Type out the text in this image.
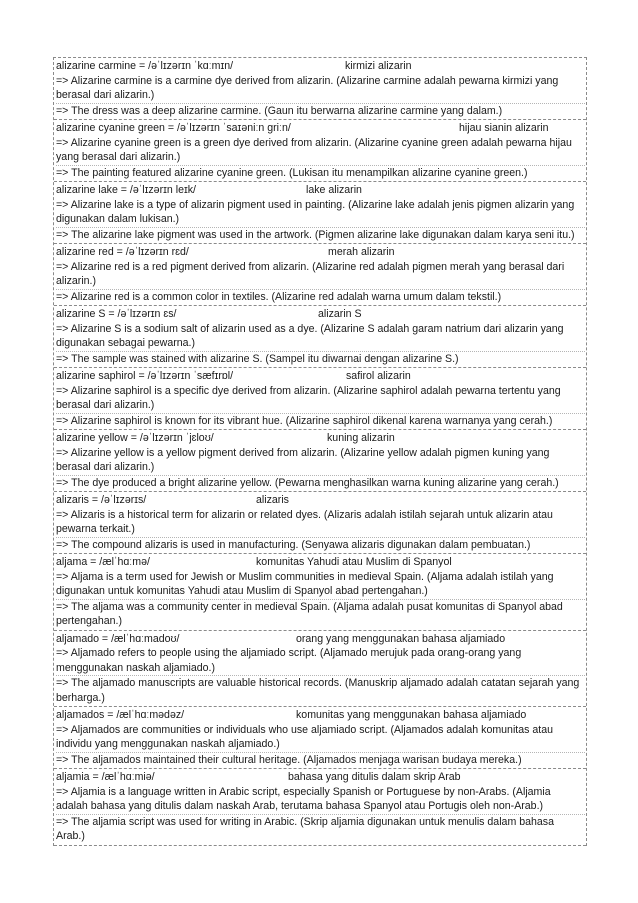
alizarine carmine = /əˈlɪzərɪn ˈkɑːmɪn/	kirmizi alizarin
=> Alizarine carmine is a carmine dye derived from alizarin. (Alizarine carmine adalah pewarna kirmizi yang berasal dari alizarin.)
=> The dress was a deep alizarine carmine. (Gaun itu berwarna alizarine carmine yang dalam.)
alizarine cyanine green = /əˈlɪzərɪn ˈsaɪəniːn griːn/	hijau sianin alizarin
=> Alizarine cyanine green is a green dye derived from alizarin. (Alizarine cyanine green adalah pewarna hijau yang berasal dari alizarin.)
=> The painting featured alizarine cyanine green. (Lukisan itu menampilkan alizarine cyanine green.)
alizarine lake = /əˈlɪzərɪn leɪk/	lake alizarin
=> Alizarine lake is a type of alizarin pigment used in painting. (Alizarine lake adalah jenis pigmen alizarin yang digunakan dalam lukisan.)
=> The alizarine lake pigment was used in the artwork. (Pigmen alizarine lake digunakan dalam karya seni itu.)
alizarine red = /əˈlɪzərɪn rɛd/	merah alizarin
=> Alizarine red is a red pigment derived from alizarin. (Alizarine red adalah pigmen merah yang berasal dari alizarin.)
=> Alizarine red is a common color in textiles. (Alizarine red adalah warna umum dalam tekstil.)
alizarine S = /əˈlɪzərɪn ɛs/	alizarin S
=> Alizarine S is a sodium salt of alizarin used as a dye. (Alizarine S adalah garam natrium dari alizarin yang digunakan sebagai pewarna.)
=> The sample was stained with alizarine S. (Sampel itu diwarnai dengan alizarine S.)
alizarine saphirol = /əˈlɪzərɪn ˈsæfɪrɒl/	safirol alizarin
=> Alizarine saphirol is a specific dye derived from alizarin. (Alizarine saphirol adalah pewarna tertentu yang berasal dari alizarin.)
=> Alizarine saphirol is known for its vibrant hue. (Alizarine saphirol dikenal karena warnanya yang cerah.)
alizarine yellow = /əˈlɪzərɪn ˈjɛloʊ/	kuning alizarin
=> Alizarine yellow is a yellow pigment derived from alizarin. (Alizarine yellow adalah pigmen kuning yang berasal dari alizarin.)
=> The dye produced a bright alizarine yellow. (Pewarna menghasilkan warna kuning alizarine yang cerah.)
alizaris = /əˈlɪzərɪs/	alizaris
=> Alizaris is a historical term for alizarin or related dyes. (Alizaris adalah istilah sejarah untuk alizarin atau pewarna terkait.)
=> The compound alizaris is used in manufacturing. (Senyawa alizaris digunakan dalam pembuatan.)
aljama = /ælˈhɑːmə/	komunitas Yahudi atau Muslim di Spanyol
=> Aljama is a term used for Jewish or Muslim communities in medieval Spain. (Aljama adalah istilah yang digunakan untuk komunitas Yahudi atau Muslim di Spanyol abad pertengahan.)
=> The aljama was a community center in medieval Spain. (Aljama adalah pusat komunitas di Spanyol abad pertengahan.)
aljamado = /ælˈhɑːmadoʊ/	orang yang menggunakan bahasa aljamiado
=> Aljamado refers to people using the aljamiado script. (Aljamado merujuk pada orang-orang yang menggunakan naskah aljamiado.)
=> The aljamado manuscripts are valuable historical records. (Manuskrip aljamado adalah catatan sejarah yang berharga.)
aljamados = /ælˈhɑːmədəz/	komunitas yang menggunakan bahasa aljamiado
=> Aljamados are communities or individuals who use aljamiado script. (Aljamados adalah komunitas atau individu yang menggunakan naskah aljamiado.)
=> The aljamados maintained their cultural heritage. (Aljamados menjaga warisan budaya mereka.)
aljamia = /ælˈhɑːmiə/	bahasa yang ditulis dalam skrip Arab
=> Aljamia is a language written in Arabic script, especially Spanish or Portuguese by non-Arabs. (Aljamia adalah bahasa yang ditulis dalam naskah Arab, terutama bahasa Spanyol atau Portugis oleh non-Arab.)
=> The aljamia script was used for writing in Arabic. (Skrip aljamia digunakan untuk menulis dalam bahasa Arab.)
